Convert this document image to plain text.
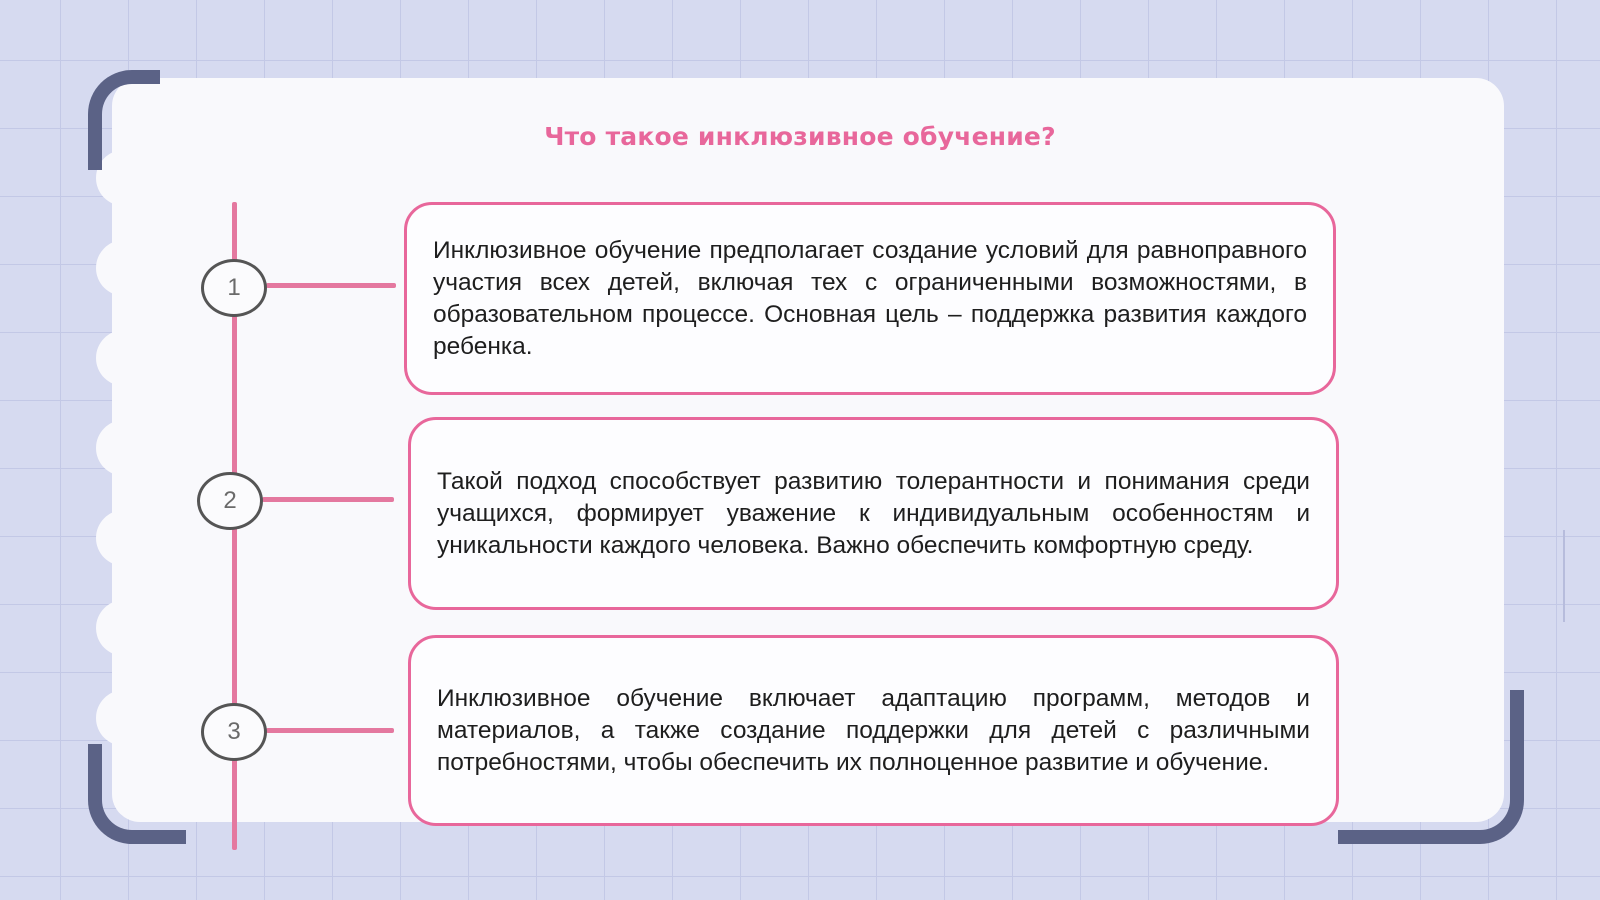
Что такое инклюзивное обучение?
1
2
3

Инклюзивное обучение предполагает создание условий для равноправного участия всех детей, включая тех с ограниченными возможностями, в образовательном процессе. Основная цель – поддержка развития каждого ребенка.

Такой подход способствует развитию толерантности и понимания среди учащихся, формирует уважение к индивидуальным особенностям и уникальности каждого человека. Важно обеспечить комфортную среду.

Инклюзивное обучение включает адаптацию программ, методов и материалов, а также создание поддержки для детей с различными потребностями, чтобы обеспечить их полноценное развитие и обучение.
